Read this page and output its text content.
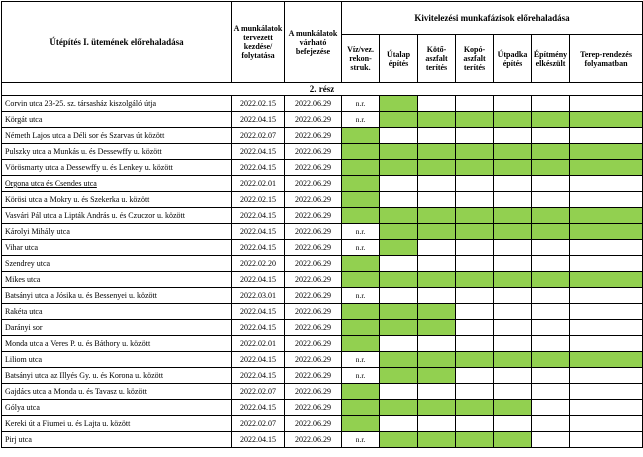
Útépítés I. ütemének előrehaladása	A munkálatok tervezett kezdése/ folytatása	A munkálatok várható befejezése	Kivitelezési munkafázisok előrehaladása						
			Víz/vez. rekon-struk.	Útalap építés	Kötő-aszfalt terítés	Kopó-aszfalt terítés	Útpadka építés	Építmény elkészült	Terep-rendezés folyamatban
2. rész									
Corvin utca 23-25. sz. társasház kiszolgáló útja	2022.02.15	2022.06.29	n.r.						
Körgát utca	2022.04.15	2022.06.29	n.r.						
Németh Lajos utca a Déli sor és Szarvas út között	2022.02.07	2022.06.29							
Pulszky utca a Munkás u. és Dessewffy u. között	2022.04.15	2022.06.29							
Vörösmarty utca a Dessewffy u. és Lenkey u. között	2022.04.15	2022.06.29							
Orgona utca és Csendes utca	2022.02.01	2022.06.29							
Körösi utca a Mokry u. és Szekerka u. között	2022.02.15	2022.06.29							
Vasvári Pál utca a Lipták András u. és Czuczor u. között	2022.04.15	2022.06.29							
Károlyi Mihály utca	2022.04.15	2022.06.29	n.r.						
Vihar utca	2022.04.15	2022.06.29	n.r.						
Szendrey utca	2022.02.20	2022.06.29							
Mikes utca	2022.04.15	2022.06.29							
Batsányi utca a Jósika u. és Bessenyei u. között	2022.03.01	2022.06.29	n.r.						
Rakéta utca	2022.04.15	2022.06.29							
Darányi sor	2022.04.15	2022.06.29							
Monda utca a Veres P. u. és Báthory u. között	2022.02.01	2022.06.29							
Liliom utca	2022.04.15	2022.06.29	n.r.						
Batsányi utca az Illyés Gy. u. és Korona u. között	2022.04.15	2022.06.29	n.r.						
Gajdács utca a Monda u. és Tavasz u. között	2022.02.07	2022.06.29							
Gólya utca	2022.04.15	2022.06.29							
Kereki út a Fiumei u. és Lajta u. között	2022.02.07	2022.06.29							
Pirj utca	2022.04.15	2022.06.29	n.r.						
